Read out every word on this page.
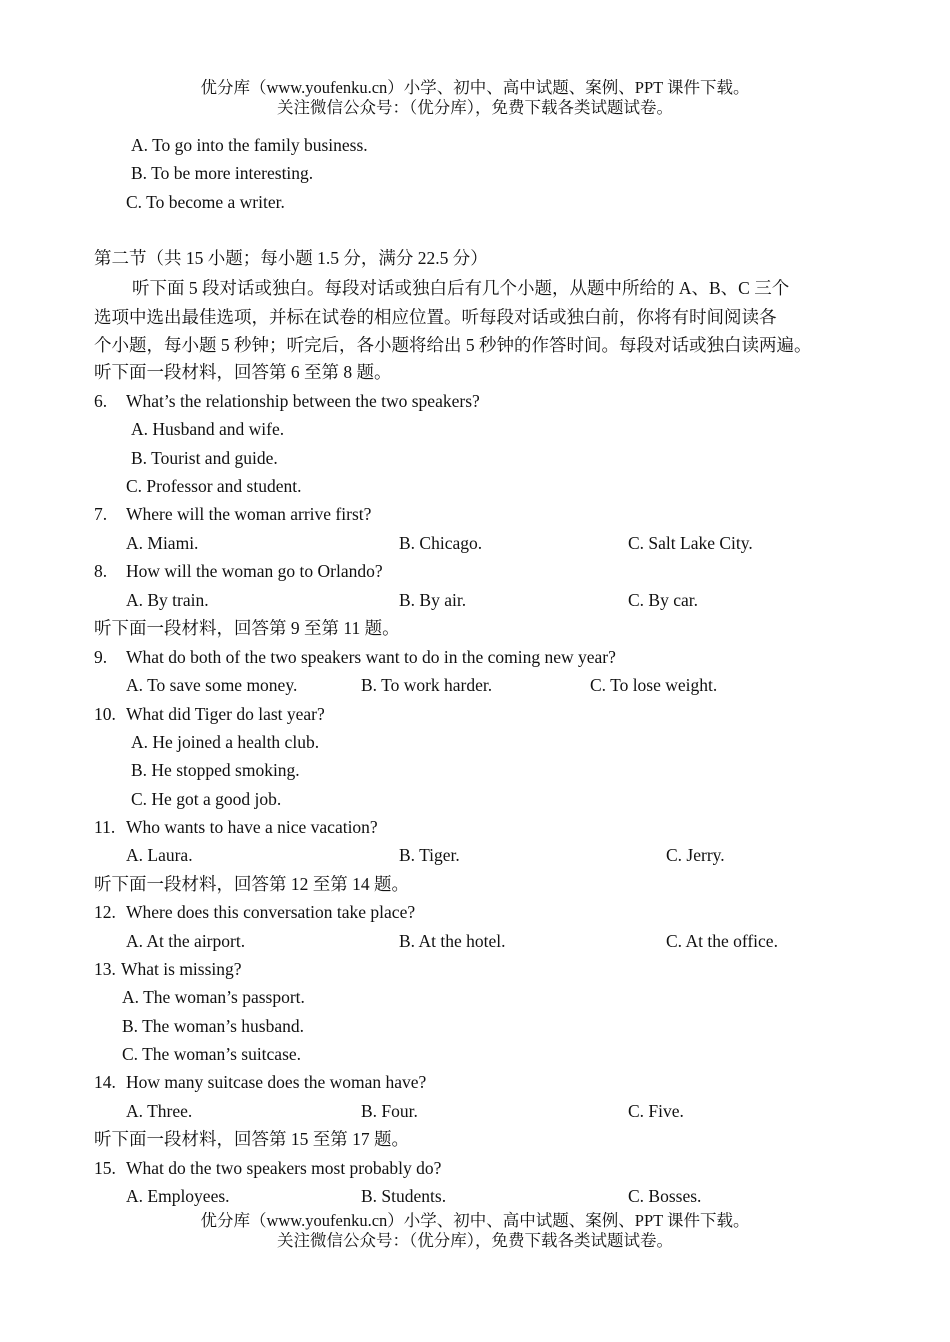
优分库（www.youfenku.cn）小学、初中、高中试题、案例、PPT 课件下载。
关注微信公众号：（优分库），免费下载各类试题试卷。
A. To go into the family business.
B. To be more interesting.
C. To become a writer.
第二节（共 15 小题；每小题 1.5 分，满分 22.5 分）
听下面 5 段对话或独白。每段对话或独白后有几个小题，从题中所给的 A、B、C 三个
选项中选出最佳选项，并标在试卷的相应位置。听每段对话或独白前，你将有时间阅读各
个小题，每小题 5 秒钟；听完后，各小题将给出 5 秒钟的作答时间。每段对话或独白读两遍。
听下面一段材料，回答第 6 至第 8 题。
6. What’s the relationship between the two speakers?
A. Husband and wife.
B. Tourist and guide.
C. Professor and student.
7. Where will the woman arrive first?
A. Miami.	B. Chicago.	C. Salt Lake City.
8. How will the woman go to Orlando?
A. By train.	B. By air.	C. By car.
听下面一段材料，回答第 9 至第 11 题。
9. What do both of the two speakers want to do in the coming new year?
A. To save some money.	B. To work harder.	C. To lose weight.
10. What did Tiger do last year?
A. He joined a health club.
B. He stopped smoking.
C. He got a good job.
11. Who wants to have a nice vacation?
A. Laura.	B. Tiger.	C. Jerry.
听下面一段材料，回答第 12 至第 14 题。
12. Where does this conversation take place?
A. At the airport.	B. At the hotel.	C. At the office.
13. What is missing?
A. The woman’s passport.
B. The woman’s husband.
C. The woman’s suitcase.
14. How many suitcase does the woman have?
A. Three.	B. Four.	C. Five.
听下面一段材料，回答第 15 至第 17 题。
15. What do the two speakers most probably do?
A. Employees.	B. Students.	C. Bosses.
优分库（www.youfenku.cn）小学、初中、高中试题、案例、PPT 课件下载。
关注微信公众号：（优分库），免费下载各类试题试卷。
